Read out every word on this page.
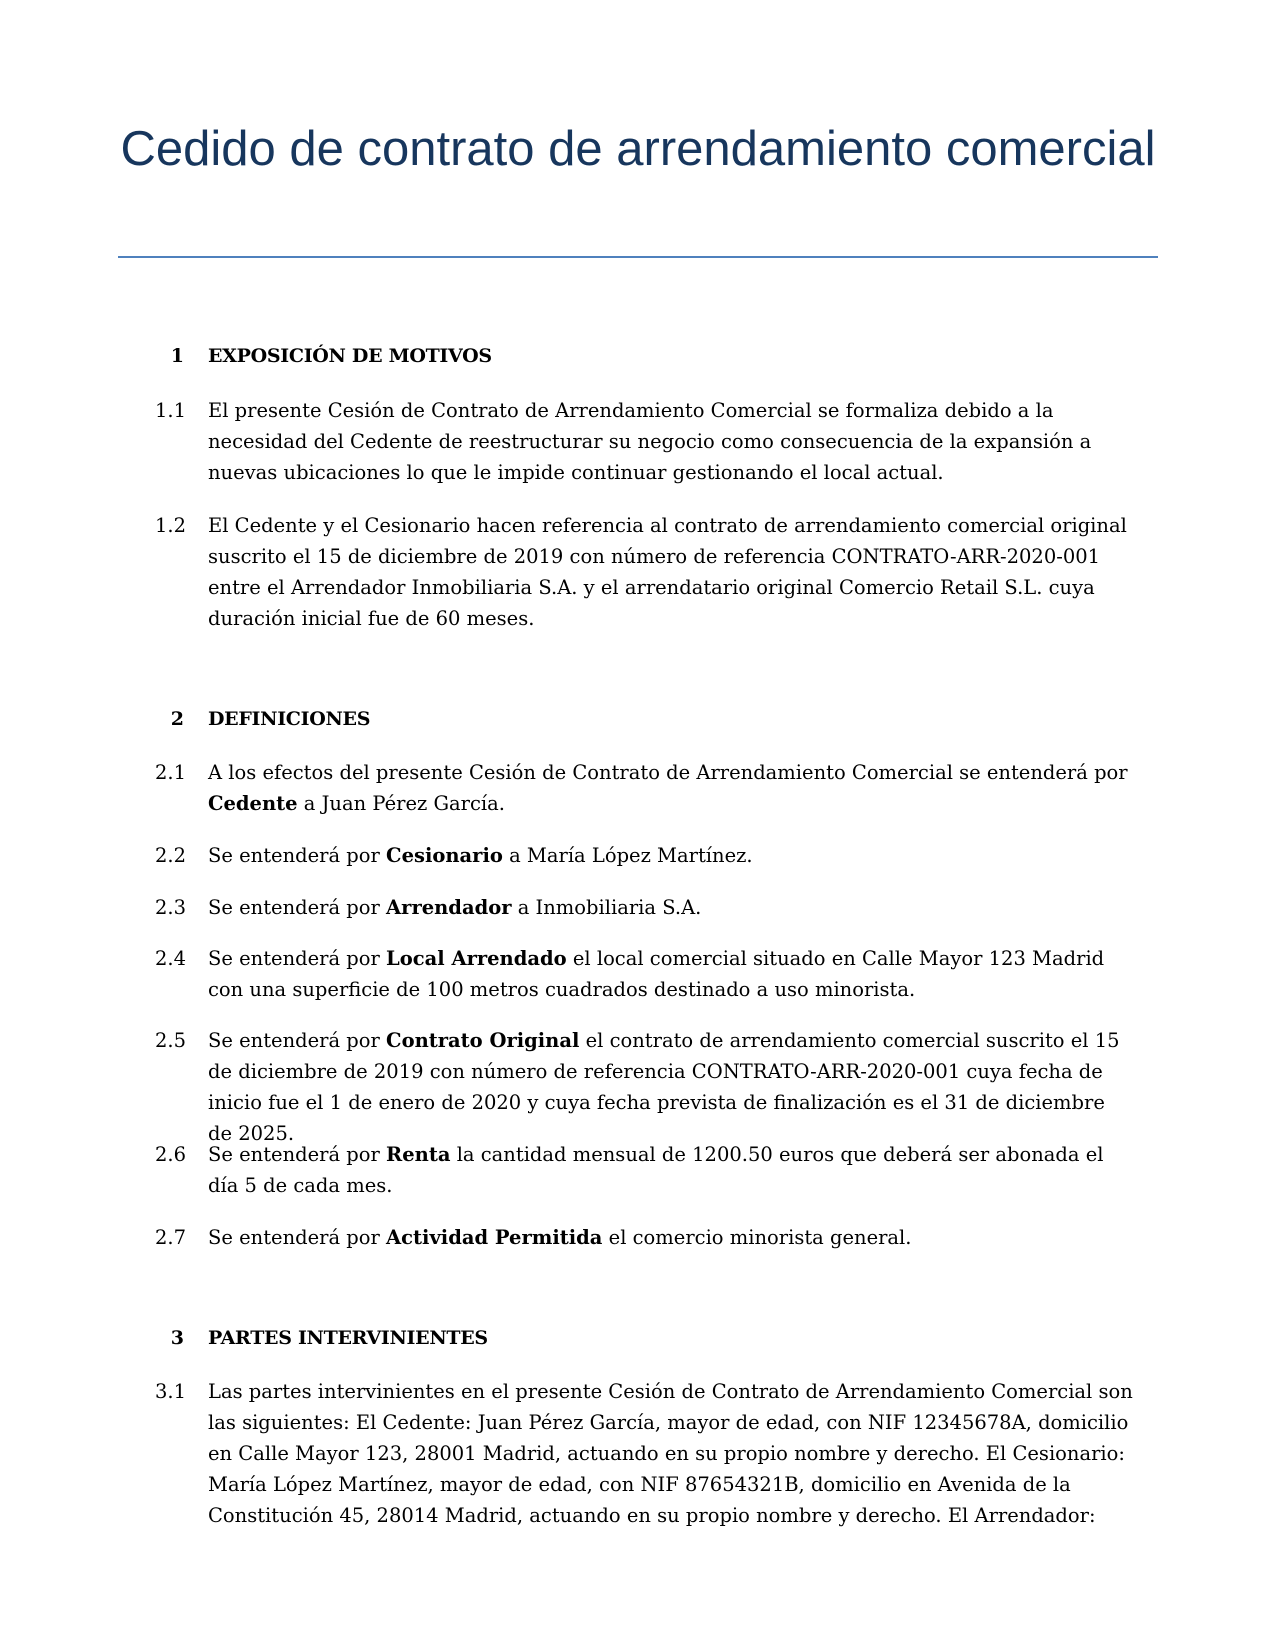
Cedido de contrato de arrendamiento comercial
1 EXPOSICIÓN DE MOTIVOS
1.1 El presente Cesión de Contrato de Arrendamiento Comercial se formaliza debido a la necesidad del Cedente de reestructurar su negocio como consecuencia de la expansión a nuevas ubicaciones lo que le impide continuar gestionando el local actual.
1.2 El Cedente y el Cesionario hacen referencia al contrato de arrendamiento comercial original suscrito el 15 de diciembre de 2019 con número de referencia CONTRATO-ARR-2020-001 entre el Arrendador Inmobiliaria S.A. y el arrendatario original Comercio Retail S.L. cuya duración inicial fue de 60 meses.
2 DEFINICIONES
2.1 A los efectos del presente Cesión de Contrato de Arrendamiento Comercial se entenderá por Cedente a Juan Pérez García.
2.2 Se entenderá por Cesionario a María López Martínez.
2.3 Se entenderá por Arrendador a Inmobiliaria S.A.
2.4 Se entenderá por Local Arrendado el local comercial situado en Calle Mayor 123 Madrid con una superficie de 100 metros cuadrados destinado a uso minorista.
2.5 Se entenderá por Contrato Original el contrato de arrendamiento comercial suscrito el 15 de diciembre de 2019 con número de referencia CONTRATO-ARR-2020-001 cuya fecha de inicio fue el 1 de enero de 2020 y cuya fecha prevista de finalización es el 31 de diciembre de 2025.
2.6 Se entenderá por Renta la cantidad mensual de 1200.50 euros que deberá ser abonada el día 5 de cada mes.
2.7 Se entenderá por Actividad Permitida el comercio minorista general.
3 PARTES INTERVINIENTES
3.1 Las partes intervinientes en el presente Cesión de Contrato de Arrendamiento Comercial son las siguientes: El Cedente: Juan Pérez García, mayor de edad, con NIF 12345678A, domicilio en Calle Mayor 123, 28001 Madrid, actuando en su propio nombre y derecho. El Cesionario: María López Martínez, mayor de edad, con NIF 87654321B, domicilio en Avenida de la Constitución 45, 28014 Madrid, actuando en su propio nombre y derecho. El Arrendador:
